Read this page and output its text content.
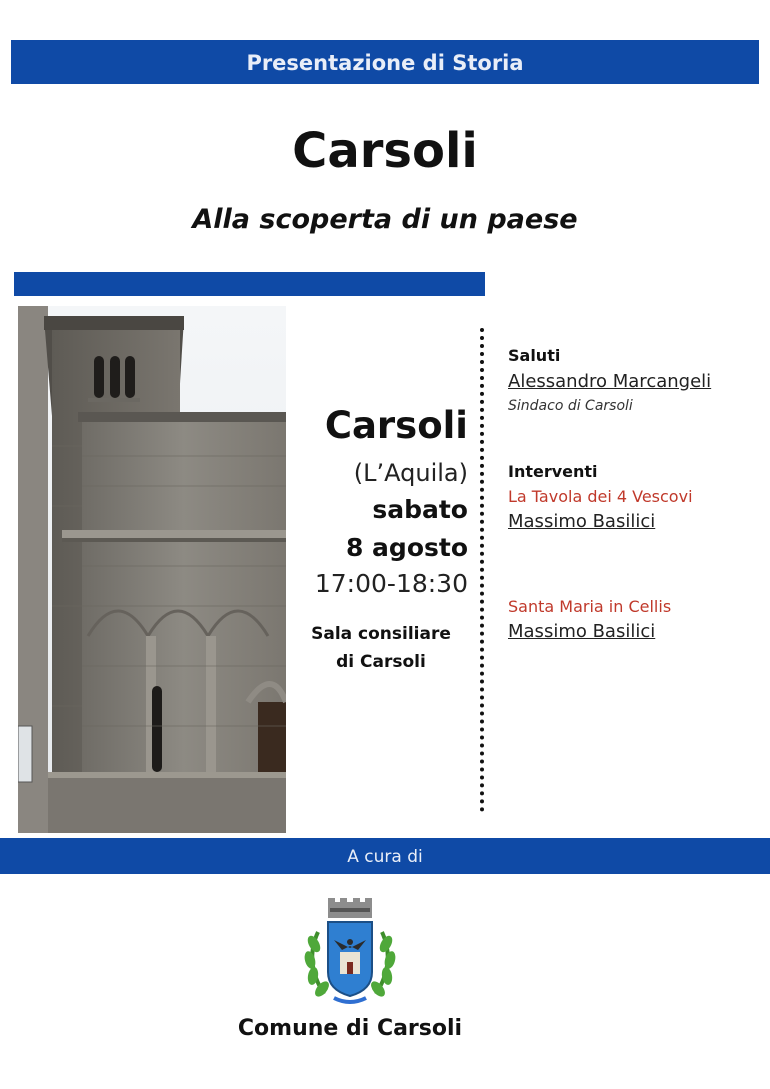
Presentazione di Storia
Carsoli
Alla scoperta di un paese
Carsoli
(L’Aquila)
sabato
8 agosto
17:00-18:30
Sala consiliare
di Carsoli
Saluti
Alessandro Marcangeli
Sindaco di Carsoli
Interventi
La Tavola dei 4 Vescovi
Massimo Basilici
Santa Maria in Cellis
Massimo Basilici
A cura di
Comune di Carsoli
